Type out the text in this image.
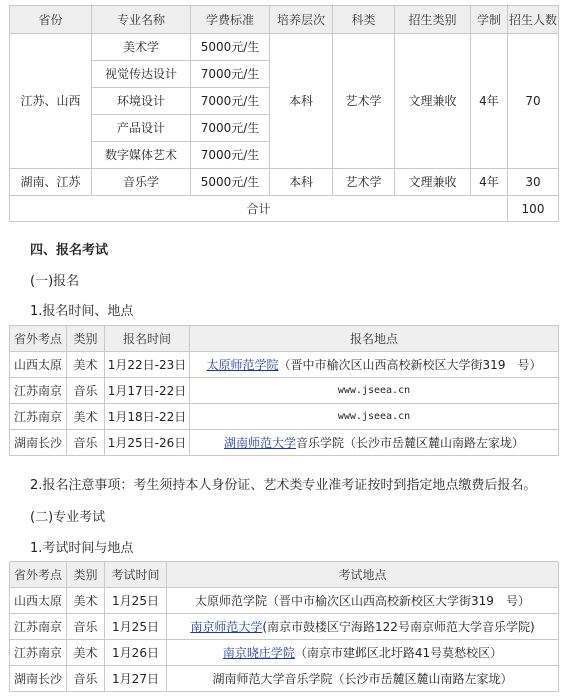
省份	专业名称	学费标准	培养层次	科类	招生类别	学制	招生人数
江苏、山西	美术学	5000元/生	本科	艺术学	文理兼收	4年	70
	视觉传达设计	7000元/生					
	环境设计	7000元/生					
	产品设计	7000元/生					
	数字媒体艺术	7000元/生					
湖南、江苏	音乐学	5000元/生	本科	艺术学	文理兼收	4年	30
合计							100
四、报名考试
(一)报名
1.报名时间、地点
省外考点	类别	报名时间	报名地点
山西太原	美术	1月22日-23日	太原师范学院（晋中市榆次区山西高校新校区大学街319　号）
江苏南京	音乐	1月17日-22日	www.jseea.cn
江苏南京	美术	1月18日-22日	www.jseea.cn
湖南长沙	音乐	1月25日-26日	湖南师范大学音乐学院（长沙市岳麓区麓山南路左家垅）
2.报名注意事项：考生须持本人身份证、艺术类专业准考证按时到指定地点缴费后报名。
(二)专业考试
1.考试时间与地点
省外考点	类别	考试时间	考试地点
山西太原	美术	1月25日	太原师范学院（晋中市榆次区山西高校新校区大学街319　号）
江苏南京	音乐	1月25日	南京师范大学(南京市鼓楼区宁海路122号南京师范大学音乐学院)
江苏南京	美术	1月26日	南京晓庄学院（南京市建邺区北圩路41号莫愁校区）
湖南长沙	音乐	1月27日	湖南师范大学音乐学院（长沙市岳麓区麓山南路左家垅）
